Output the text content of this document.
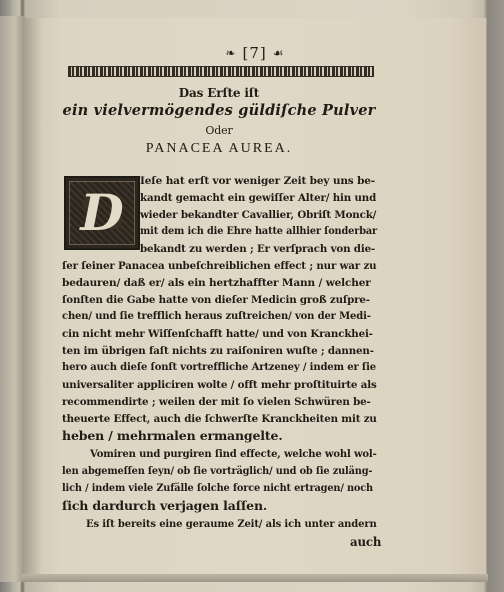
❧ [7] ☙
Das Erſte iſt
ein vielvermögendes güldiſche Pulver
Oder
PANACEA AUREA.
D
Ieſe hat erſt vor weniger Zeit bey uns be-
kandt gemacht ein gewiſſer Alter/ hin und
wieder bekandter Cavallier, Obriſt Monck/
mit dem ich die Ehre hatte allhier ſonderbar
bekandt zu werden ; Er verſprach von die-
ſer ſeiner Panacea unbeſchreiblichen effect ; nur war zu
bedauren/ daß er/ als ein hertzhaffter Mann / welcher
ſonſten die Gabe hatte von dieſer Medicin groß zuſpre-
chen/ und ſie trefflich heraus zuſtreichen/ von der Medi-
cin nicht mehr Wiſſenſchafft hatte/ und von Kranckhei-
ten im übrigen faſt nichts zu raiſoniren wuſte ; dannen-
hero auch dieſe ſonſt vortreffliche Artzeney / indem er ſie
universaliter appliciren wolte / offt mehr proſtituirte als
recommendirte ; weilen der mit ſo vielen Schwüren be-
theuerte Effect, auch die ſchwerſte Kranckheiten mit zu
heben / mehrmalen ermangelte.
Vomiren und purgiren ſind effecte, welche wohl wol-
len abgemeſſen ſeyn/ ob ſie vorträglich/ und ob ſie zuläng-
lich / indem viele Zufälle ſolche force nicht ertragen/ noch
ſich dardurch verjagen laſſen.
Es iſt bereits eine geraume Zeit/ als ich unter andern
auch
